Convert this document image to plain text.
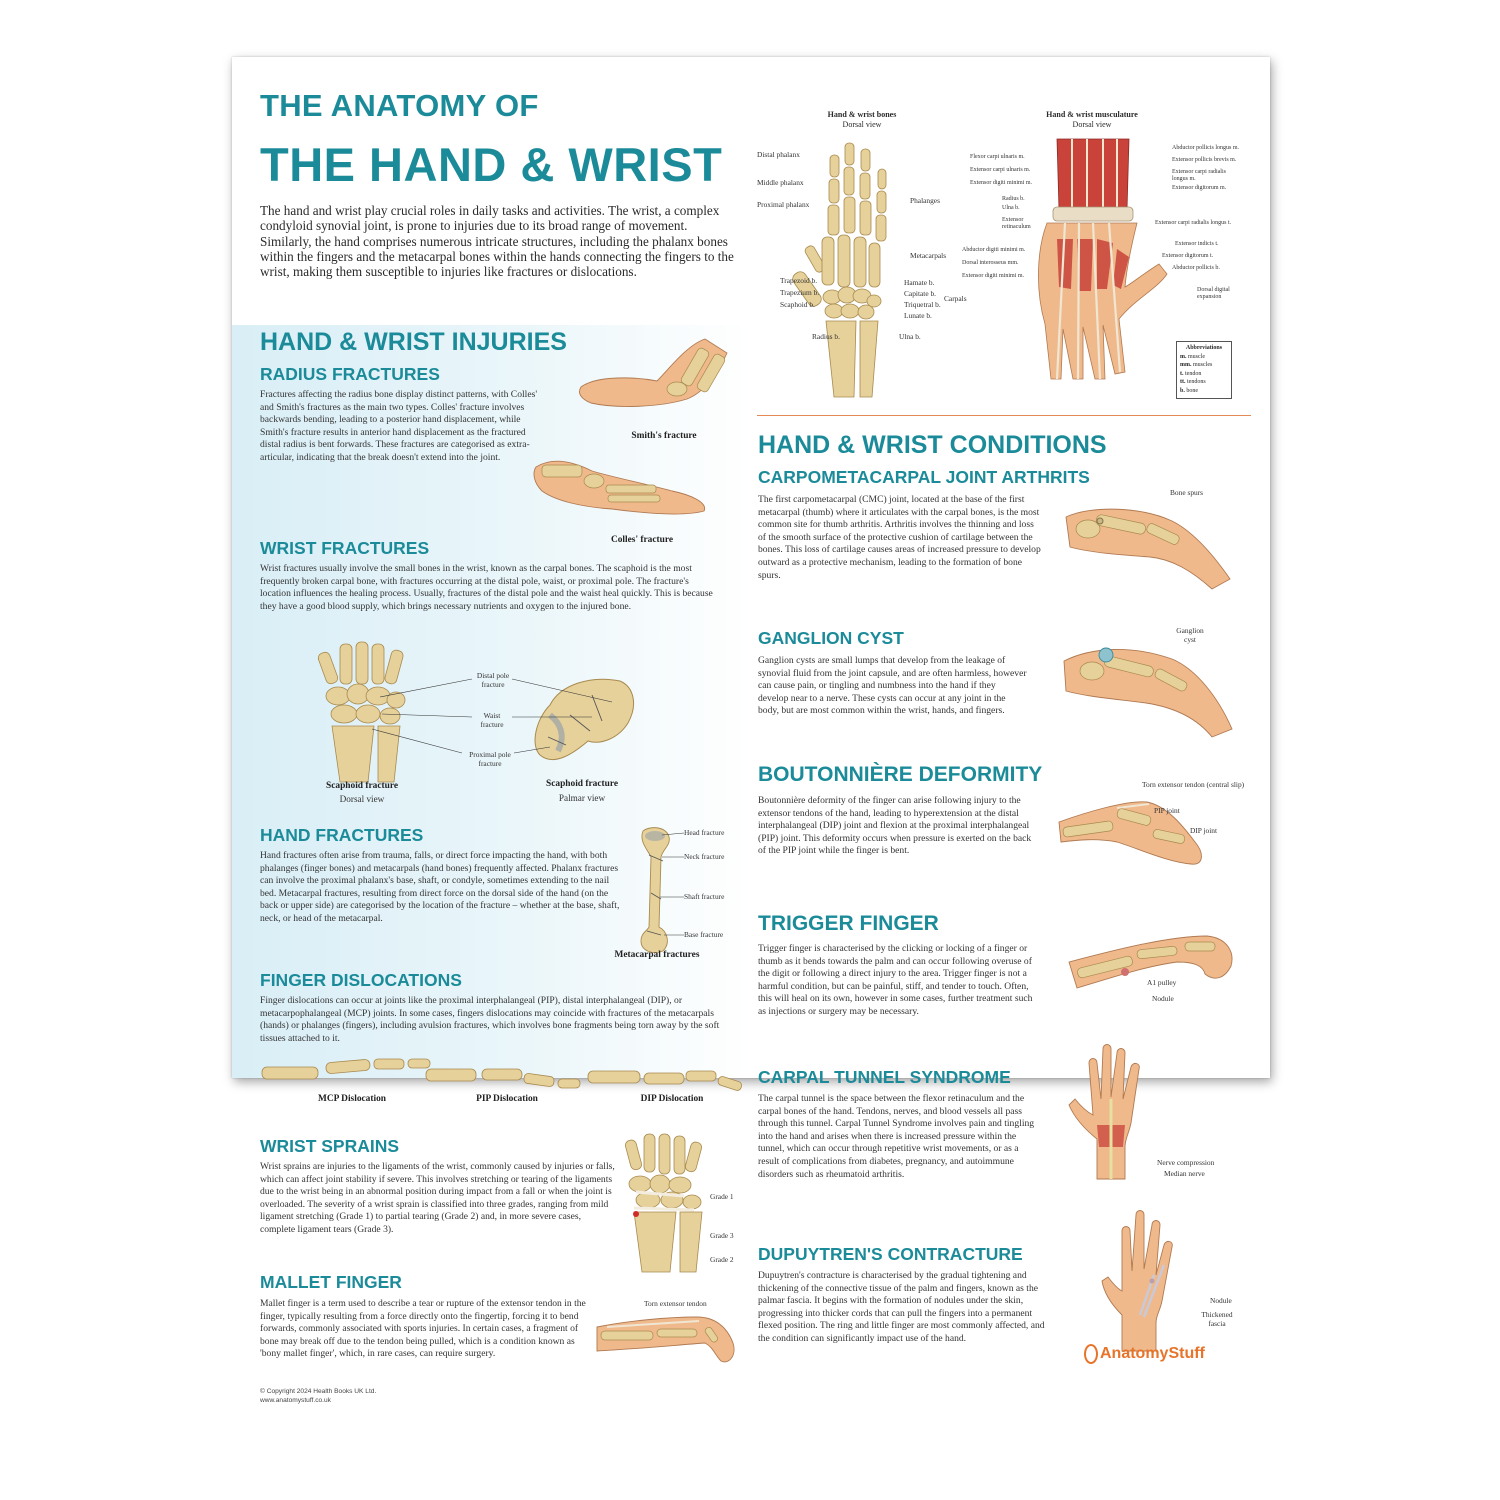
THE ANATOMY OF
THE HAND & WRIST
The hand and wrist play crucial roles in daily tasks and activities. The wrist, a complex condyloid synovial joint, is prone to injuries due to its broad range of movement. Similarly, the hand comprises numerous intricate structures, including the phalanx bones within the fingers and the metacarpal bones within the hands connecting the fingers to the wrist, making them susceptible to injuries like fractures or dislocations.
Hand & wrist bones
Dorsal view
Distal phalanx
Middle phalanx
Proximal phalanx	Phalanges
Metacarpals
Trapezoid b.
Trapezium b.
Scaphoid b.
Hamate b.
Capitate b.
Triquetral b.
Lunate b.
Carpals
Radius b.	Ulna b.
Hand & wrist musculature
Dorsal view
Flexor carpi ulnaris m.
Extensor carpi ulnaris m.
Extensor digiti minimi m.
Radius b.
Ulna b.
Extensor retinaculum
Abductor digiti minimi m.
Dorsal interosseus mm.
Extensor digiti minimi m.
Abductor pollicis longus m.
Extensor pollicis brevis m.
Extensor carpi radialis longus m.
Extensor digitorum m.
Extensor carpi radialis longus t.
Extensor indicis t.
Extensor digitorum t.
Abductor pollicis b.
Dorsal digital expansion
Abbreviations
m. muscle
mm. muscles
t. tendon
tt. tendons
b. bone
HAND & WRIST INJURIES
RADIUS FRACTURES
Fractures affecting the radius bone display distinct patterns, with Colles' and Smith's fractures as the main two types. Colles' fracture involves backwards bending, leading to a posterior hand displacement, while Smith's fracture results in anterior hand displacement as the fractured distal radius is bent forwards. These fractures are categorised as extra-articular, indicating that the break doesn't extend into the joint.
Smith's fracture
Colles' fracture
WRIST FRACTURES
Wrist fractures usually involve the small bones in the wrist, known as the carpal bones. The scaphoid is the most frequently broken carpal bone, with fractures occurring at the distal pole, waist, or proximal pole. The fracture's location influences the healing process. Usually, fractures of the distal pole and the waist heal quickly. This is because they have a good blood supply, which brings necessary nutrients and oxygen to the injured bone.
Distal pole fracture
Waist fracture
Proximal pole fracture
Scaphoid fracture
Dorsal view
Scaphoid fracture
Palmar view
HAND FRACTURES
Hand fractures often arise from trauma, falls, or direct force impacting the hand, with both phalanges (finger bones) and metacarpals (hand bones) frequently affected. Phalanx fractures can involve the proximal phalanx's base, shaft, or condyle, sometimes extending to the nail bed. Metacarpal fractures, resulting from direct force on the dorsal side of the hand (on the back or upper side) are categorised by the location of the fracture – whether at the base, shaft, neck, or head of the metacarpal.
Head fracture
Neck fracture
Shaft fracture
Base fracture
Metacarpal fractures
FINGER DISLOCATIONS
Finger dislocations can occur at joints like the proximal interphalangeal (PIP), distal interphalangeal (DIP), or metacarpophalangeal (MCP) joints. In some cases, fingers dislocations may coincide with fractures of the metacarpals (hands) or phalanges (fingers), including avulsion fractures, which involves bone fragments being torn away by the soft tissues attached to it.
MCP Dislocation	PIP Dislocation	DIP Dislocation
WRIST SPRAINS
Wrist sprains are injuries to the ligaments of the wrist, commonly caused by injuries or falls, which can affect joint stability if severe. This involves stretching or tearing of the ligaments due to the wrist being in an abnormal position during impact from a fall or when the joint is overloaded. The severity of a wrist sprain is classified into three grades, ranging from mild ligament stretching (Grade 1) to partial tearing (Grade 2) and, in more severe cases, complete ligament tears (Grade 3).
Grade 1
Grade 3
Grade 2
MALLET FINGER
Mallet finger is a term used to describe a tear or rupture of the extensor tendon in the finger, typically resulting from a force directly onto the fingertip, forcing it to bend forwards, commonly associated with sports injuries. In certain cases, a fragment of bone may break off due to the tendon being pulled, which is a condition known as 'bony mallet finger', which, in rare cases, can require surgery.
Torn extensor tendon
© Copyright 2024 Health Books UK Ltd.
www.anatomystuff.co.uk
HAND & WRIST CONDITIONS
CARPOMETACARPAL JOINT ARTHRITS
The first carpometacarpal (CMC) joint, located at the base of the first metacarpal (thumb) where it articulates with the carpal bones, is the most common site for thumb arthritis. Arthritis involves the thinning and loss of the smooth surface of the protective cushion of cartilage between the bones. This loss of cartilage causes areas of increased pressure to develop outward as a protective mechanism, leading to the formation of bone spurs.
Bone spurs
GANGLION CYST
Ganglion cysts are small lumps that develop from the leakage of synovial fluid from the joint capsule, and are often harmless, however can cause pain, or tingling and numbness into the hand if they develop near to a nerve. These cysts can occur at any joint in the body, but are most common within the wrist, hands, and fingers.
Ganglion cyst
BOUTONNIÈRE DEFORMITY
Boutonnière deformity of the finger can arise following injury to the extensor tendons of the hand, leading to hyperextension at the distal interphalangeal (DIP) joint and flexion at the proximal interphalangeal (PIP) joint. This deformity occurs when pressure is exerted on the back of the PIP joint while the finger is bent.
Torn extensor tendon (central slip)
PIP joint
DIP joint
TRIGGER FINGER
Trigger finger is characterised by the clicking or locking of a finger or thumb as it bends towards the palm and can occur following overuse of the digit or following a direct injury to the area. Trigger finger is not a harmful condition, but can be painful, stiff, and tender to touch. Often, this will heal on its own, however in some cases, further treatment such as injections or surgery may be necessary.
A1 pulley
Nodule
CARPAL TUNNEL SYNDROME
The carpal tunnel is the space between the flexor retinaculum and the carpal bones of the hand. Tendons, nerves, and blood vessels all pass through this tunnel. Carpal Tunnel Syndrome involves pain and tingling into the hand and arises when there is increased pressure within the tunnel, which can occur through repetitive wrist movements, or as a result of complications from diabetes, pregnancy, and autoimmune disorders such as rheumatoid arthritis.
Nerve compression
Median nerve
DUPUYTREN'S CONTRACTURE
Dupuytren's contracture is characterised by the gradual tightening and thickening of the connective tissue of the palm and fingers, known as the palmar fascia. It begins with the formation of nodules under the skin, progressing into thicker cords that can pull the fingers into a permanent flexed position. The ring and little finger are most commonly affected, and the condition can significantly impact use of the hand.
Nodule
Thickened fascia
AnatomyStuff
